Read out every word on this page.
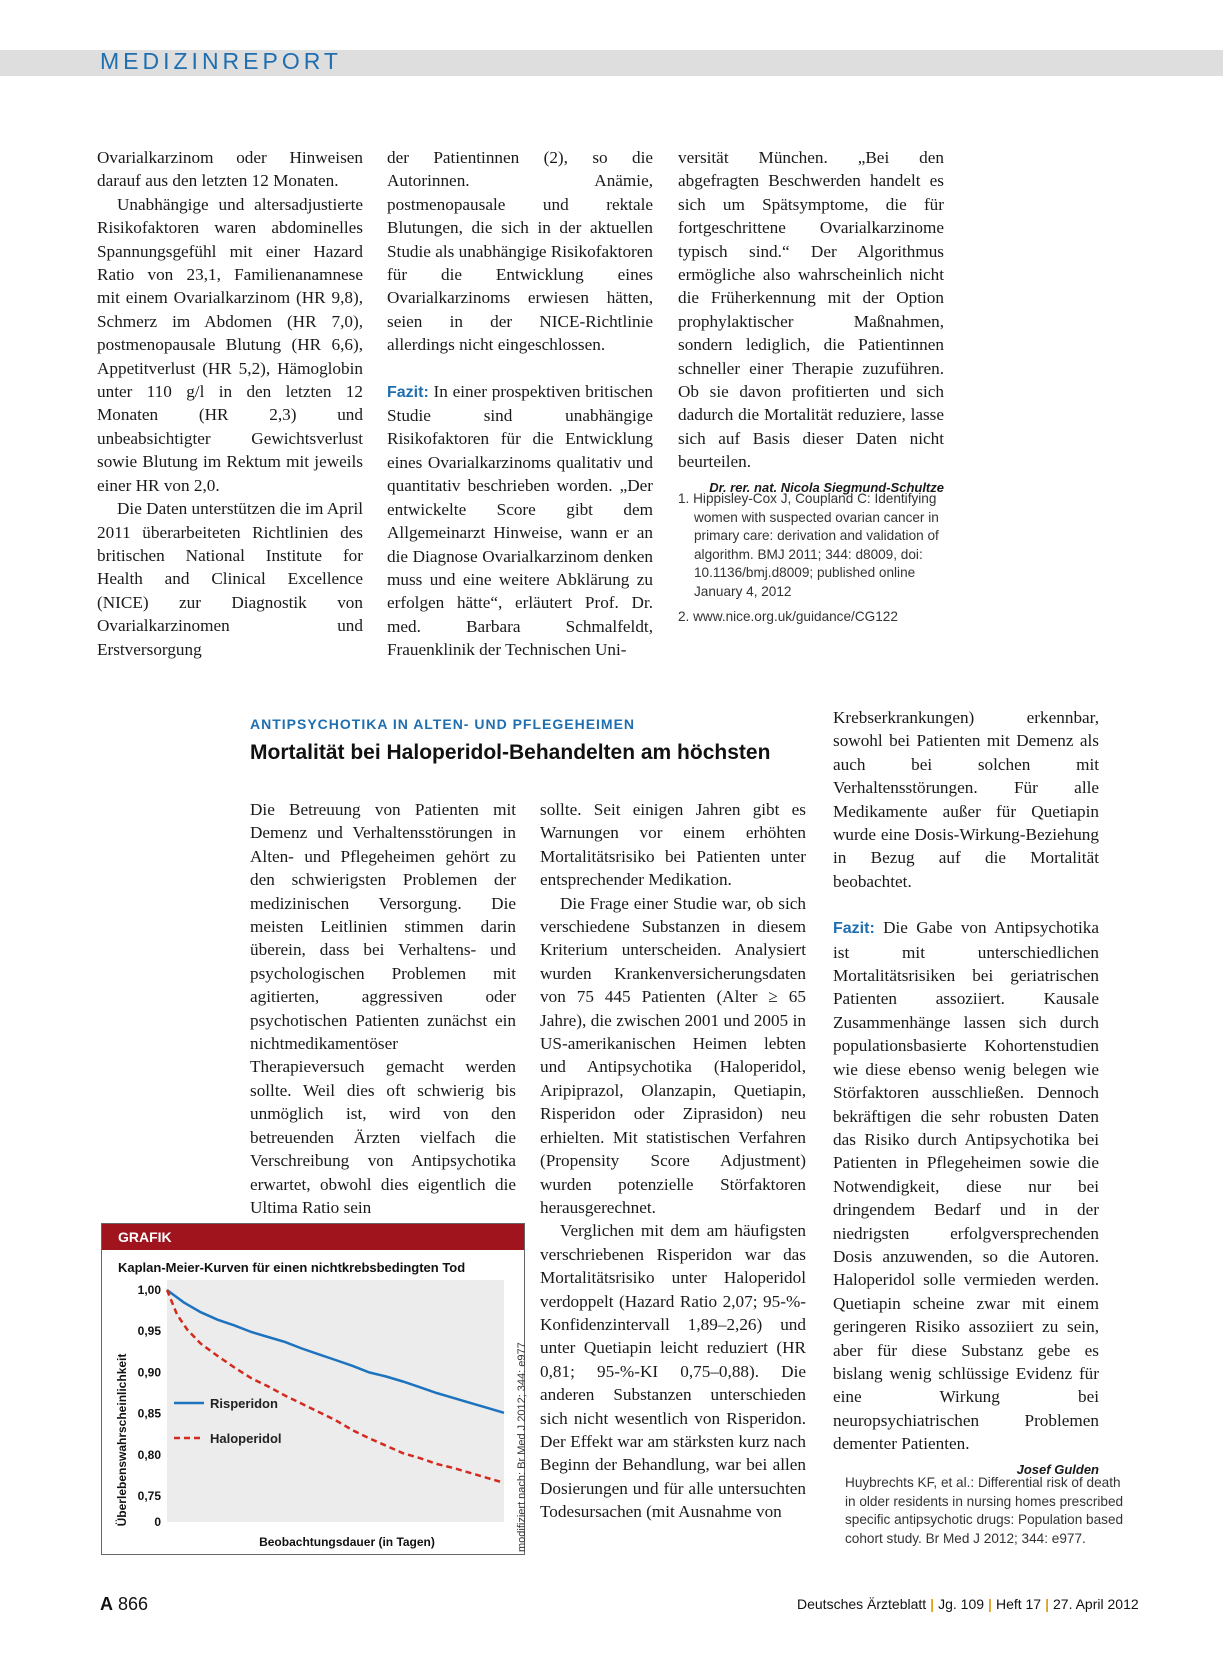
MEDIZINREPORT

Ovarialkarzinom oder Hinweisen darauf aus den letzten 12 Monaten.

Unabhängige und altersadjustierte Risikofaktoren waren abdominelles Spannungsgefühl mit einer Hazard Ratio von 23,1, Familienanamnese mit einem Ovarialkarzinom (HR 9,8), Schmerz im Abdomen (HR 7,0), postmenopausale Blutung (HR 6,6), Appetitverlust (HR 5,2), Hämoglobin unter 110 g/l in den letzten 12 Monaten (HR 2,3) und unbeabsichtigter Gewichtsverlust sowie Blutung im Rektum mit jeweils einer HR von 2,0.

Die Daten unterstützen die im April 2011 überarbeiteten Richtlinien des britischen National Institute for Health and Clinical Excellence (NICE) zur Diagnostik von Ovarialkarzinomen und Erstversorgung

der Patientinnen (2), so die Autorinnen. Anämie, postmenopausale und rektale Blutungen, die sich in der aktuellen Studie als unabhängige Risikofaktoren für die Entwicklung eines Ovarialkarzinoms erwiesen hätten, seien in der NICE-Richtlinie allerdings nicht eingeschlossen.

Fazit: In einer prospektiven britischen Studie sind unabhängige Risikofaktoren für die Entwicklung eines Ovarialkarzinoms qualitativ und quantitativ beschrieben worden. „Der entwickelte Score gibt dem Allgemeinarzt Hinweise, wann er an die Diagnose Ovarialkarzinom denken muss und eine weitere Abklärung zu erfolgen hätte“, erläutert Prof. Dr. med. Barbara Schmalfeldt, Frauenklinik der Technischen Uni-

versität München. „Bei den abgefragten Beschwerden handelt es sich um Spätsymptome, die für fortgeschrittene Ovarialkarzinome typisch sind.“ Der Algorithmus ermögliche also wahrscheinlich nicht die Früherkennung mit der Option prophylaktischer Maßnahmen, sondern lediglich, die Patientinnen schneller einer Therapie zuzuführen. Ob sie davon profitierten und sich dadurch die Mortalität reduziere, lasse sich auf Basis dieser Daten nicht beurteilen.

Dr. rer. nat. Nicola Siegmund-Schultze

1. Hippisley-Cox J, Coupland C: Identifying women with suspected ovarian cancer in primary care: derivation and validation of algorithm. BMJ 2011; 344: d8009, doi: 10.1136/bmj.d8009; published online January 4, 2012

2. www.nice.org.uk/guidance/CG122

ANTIPSYCHOTIKA IN ALTEN- UND PFLEGEHEIMEN
Mortalität bei Haloperidol-Behandelten am höchsten

Die Betreuung von Patienten mit Demenz und Verhaltensstörungen in Alten- und Pflegeheimen gehört zu den schwierigsten Problemen der medizinischen Versorgung. Die meisten Leitlinien stimmen darin überein, dass bei Verhaltens- und psychologischen Problemen mit agitierten, aggressiven oder psychotischen Patienten zunächst ein nichtmedikamentöser Therapieversuch gemacht werden sollte. Weil dies oft schwierig bis unmöglich ist, wird von den betreuenden Ärzten vielfach die Verschreibung von Antipsychotika erwartet, obwohl dies eigentlich die Ultima Ratio sein

sollte. Seit einigen Jahren gibt es Warnungen vor einem erhöhten Mortalitätsrisiko bei Patienten unter entsprechender Medikation.

Die Frage einer Studie war, ob sich verschiedene Substanzen in diesem Kriterium unterscheiden. Analysiert wurden Krankenversicherungsdaten von 75 445 Patienten (Alter ≥ 65 Jahre), die zwischen 2001 und 2005 in US-amerikanischen Heimen lebten und Antipsychotika (Haloperidol, Aripiprazol, Olanzapin, Quetiapin, Risperidon oder Ziprasidon) neu erhielten. Mit statistischen Verfahren (Propensity Score Adjustment) wurden potenzielle Störfaktoren herausgerechnet.

Verglichen mit dem am häufigsten verschriebenen Risperidon war das Mortalitätsrisiko unter Haloperidol verdoppelt (Hazard Ratio 2,07; 95-%-Konfidenzintervall 1,89–2,26) und unter Quetiapin leicht reduziert (HR 0,81; 95-%-KI 0,75–0,88). Die anderen Substanzen unterschieden sich nicht wesentlich von Risperidon. Der Effekt war am stärksten kurz nach Beginn der Behandlung, war bei allen Dosierungen und für alle untersuchten Todesursachen (mit Ausnahme von

Krebserkrankungen) erkennbar, sowohl bei Patienten mit Demenz als auch bei solchen mit Verhaltensstörungen. Für alle Medikamente außer für Quetiapin wurde eine Dosis-Wirkung-Beziehung in Bezug auf die Mortalität beobachtet.

Fazit: Die Gabe von Antipsychotika ist mit unterschiedlichen Mortalitätsrisiken bei geriatrischen Patienten assoziiert. Kausale Zusammenhänge lassen sich durch populationsbasierte Kohortenstudien wie diese ebenso wenig belegen wie Störfaktoren ausschließen. Dennoch bekräftigen die sehr robusten Daten das Risiko durch Antipsychotika bei Patienten in Pflegeheimen sowie die Notwendigkeit, diese nur bei dringendem Bedarf und in der niedrigsten erfolgversprechenden Dosis anzuwenden, so die Autoren. Haloperidol solle vermieden werden. Quetiapin scheine zwar mit einem geringeren Risiko assoziiert zu sein, aber für diese Substanz gebe es bislang wenig schlüssige Evidenz für eine Wirkung bei neuropsychiatrischen Problemen dementer Patienten.

Josef Gulden

Huybrechts KF, et al.: Differential risk of death in older residents in nursing homes prescribed specific antipsychotic drugs: Population based cohort study. Br Med J 2012; 344: e977.
GRAFIK
Kaplan-Meier-Kurven für einen nichtkrebsbedingten Tod
Überlebenswahrscheinlichkeit
1,00
0,95
0,90
0,85
0,80
0,75
0
Risperidon
Haloperidol
Beobachtungsdauer (in Tagen)	modifiziert nach: Br Med J 2012; 344: e977
A 866	Deutsches Ärzteblatt | Jg. 109 | Heft 17 | 27. April 2012
